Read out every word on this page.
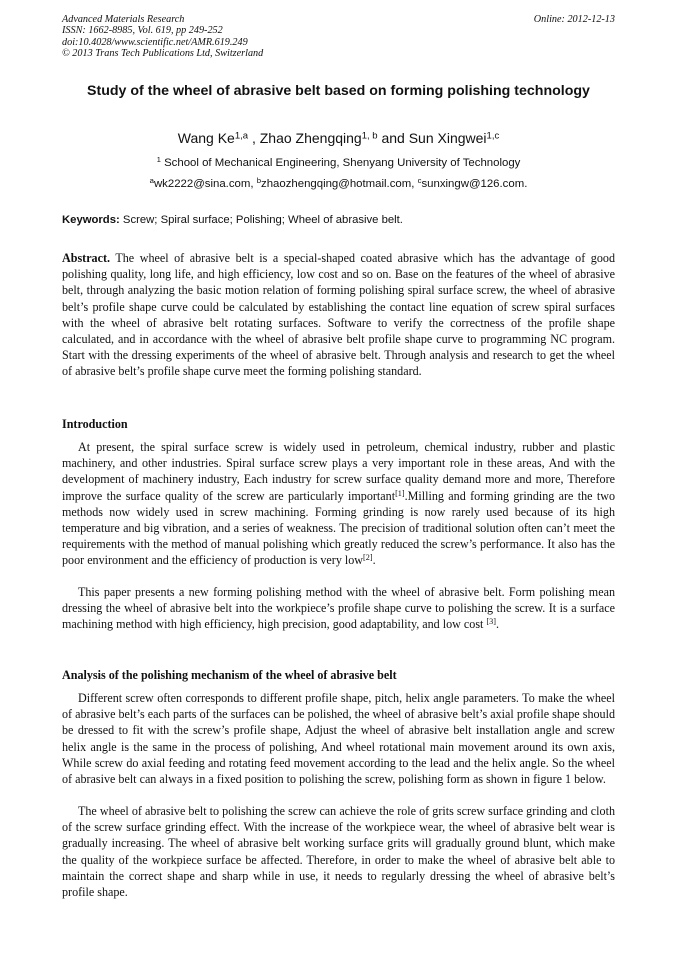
Advanced Materials Research
ISSN: 1662-8985, Vol. 619, pp 249-252
doi:10.4028/www.scientific.net/AMR.619.249
© 2013 Trans Tech Publications Ltd, Switzerland
Online: 2012-12-13
Study of the wheel of abrasive belt based on forming polishing technology
Wang Ke$^{1,a}$ , Zhao Zhengqing$^{1, b}$ and Sun Xingwei$^{1,c}$
$^1$ School of Mechanical Engineering, Shenyang University of Technology
$^a$wk2222@sina.com, $^b$zhaozhengqing@hotmail.com, $^c$sunxingw@126.com.
Keywords: Screw; Spiral surface; Polishing; Wheel of abrasive belt.

Abstract. The wheel of abrasive belt is a special-shaped coated abrasive which has the advantage of good polishing quality, long life, and high efficiency, low cost and so on. Base on the features of the wheel of abrasive belt, through analyzing the basic motion relation of forming polishing spiral surface screw, the wheel of abrasive belt’s profile shape curve could be calculated by establishing the contact line equation of screw spiral surfaces with the wheel of abrasive belt rotating surfaces. Software to verify the correctness of the profile shape calculated, and in accordance with the wheel of abrasive belt profile shape curve to programming NC program. Start with the dressing experiments of the wheel of abrasive belt. Through analysis and research to get the wheel of abrasive belt’s profile shape curve meet the forming polishing standard.

Introduction

At present, the spiral surface screw is widely used in petroleum, chemical industry, rubber and plastic machinery, and other industries. Spiral surface screw plays a very important role in these areas, And with the development of machinery industry, Each industry for screw surface quality demand more and more, Therefore improve the surface quality of the screw are particularly important[1].Milling and forming grinding are the two methods now widely used in screw machining. Forming grinding is now rarely used because of its high temperature and big vibration, and a series of weakness. The precision of traditional solution often can’t meet the requirements with the method of manual polishing which greatly reduced the screw’s performance. It also has the poor environment and the efficiency of production is very low[2].

This paper presents a new forming polishing method with the wheel of abrasive belt. Form polishing mean dressing the wheel of abrasive belt into the workpiece’s profile shape curve to polishing the screw. It is a surface machining method with high efficiency, high precision, good adaptability, and low cost [3].

Analysis of the polishing mechanism of the wheel of abrasive belt

Different screw often corresponds to different profile shape, pitch, helix angle parameters. To make the wheel of abrasive belt’s each parts of the surfaces can be polished, the wheel of abrasive belt’s axial profile shape should be dressed to fit with the screw’s profile shape, Adjust the wheel of abrasive belt installation angle and screw helix angle is the same in the process of polishing, And wheel rotational main movement around its own axis, While screw do axial feeding and rotating feed movement according to the lead and the helix angle. So the wheel of abrasive belt can always in a fixed position to polishing the screw, polishing form as shown in figure 1 below.

The wheel of abrasive belt to polishing the screw can achieve the role of grits screw surface grinding and cloth of the screw surface grinding effect. With the increase of the workpiece wear, the wheel of abrasive belt wear is gradually increasing. The wheel of abrasive belt working surface grits will gradually ground blunt, which make the quality of the workpiece surface be affected. Therefore, in order to make the wheel of abrasive belt able to maintain the correct shape and sharp while in use, it needs to regularly dressing the wheel of abrasive belt’s profile shape.
